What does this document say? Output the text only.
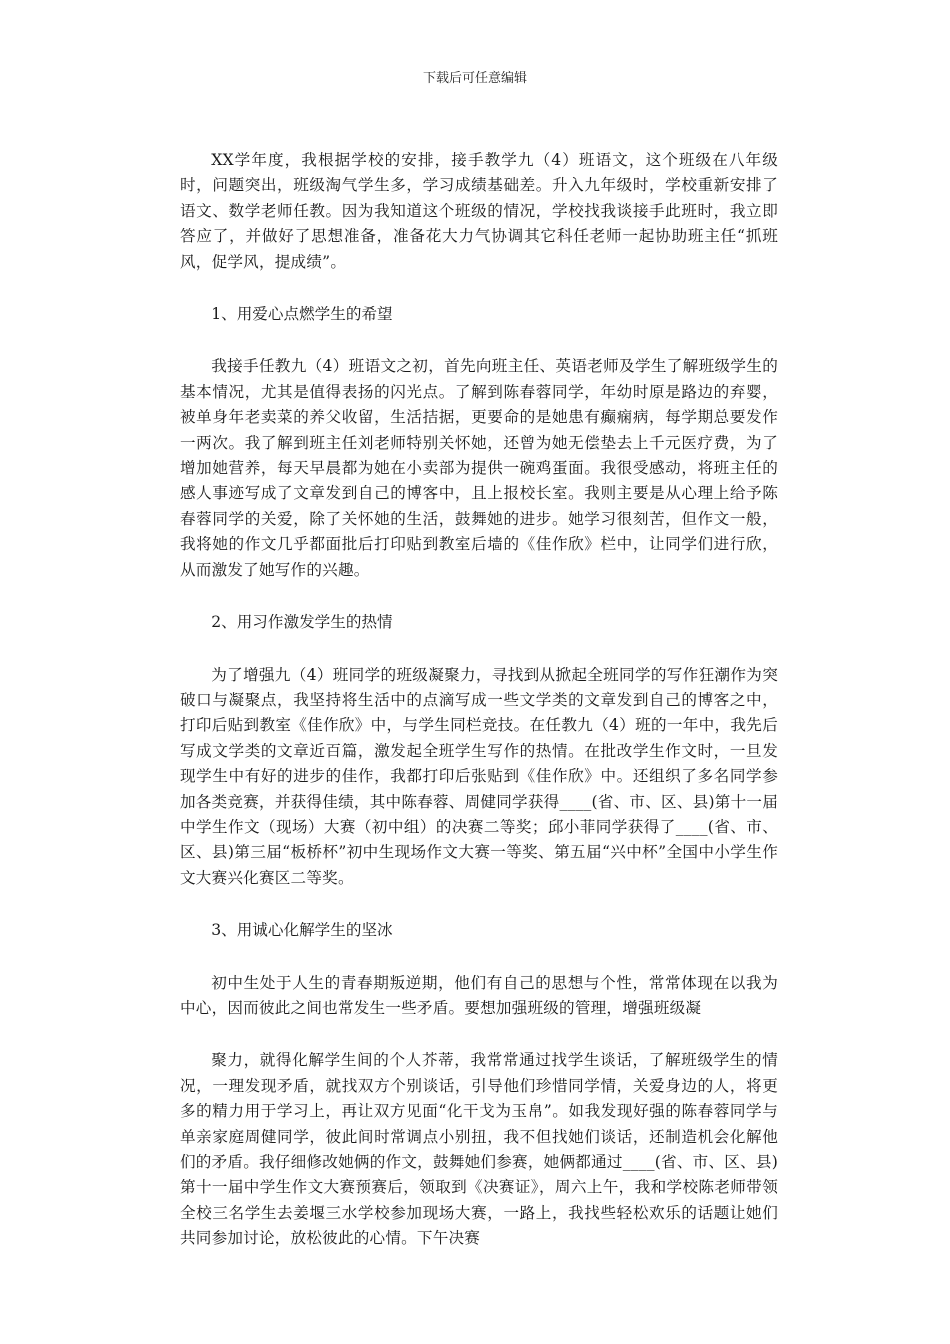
下载后可任意编辑

XX学年度，我根据学校的安排，接手教学九（4）班语文，这个班级在八年级时，问题突出，班级淘气学生多，学习成绩基础差。升入九年级时，学校重新安排了语文、数学老师任教。因为我知道这个班级的情况，学校找我谈接手此班时，我立即答应了，并做好了思想准备，准备花大力气协调其它科任老师一起协助班主任“抓班风，促学风，提成绩”。

1、用爱心点燃学生的希望

我接手任教九（4）班语文之初，首先向班主任、英语老师及学生了解班级学生的基本情况，尤其是值得表扬的闪光点。了解到陈春蓉同学，年幼时原是路边的弃婴，被单身年老卖菜的养父收留，生活拮据，更要命的是她患有癫痫病，每学期总要发作一两次。我了解到班主任刘老师特别关怀她，还曾为她无偿垫去上千元医疗费，为了增加她营养，每天早晨都为她在小卖部为提供一碗鸡蛋面。我很受感动，将班主任的感人事迹写成了文章发到自己的博客中，且上报校长室。我则主要是从心理上给予陈春蓉同学的关爱，除了关怀她的生活，鼓舞她的进步。她学习很刻苦，但作文一般，我将她的作文几乎都面批后打印贴到教室后墙的《佳作欣》栏中，让同学们进行欣，从而激发了她写作的兴趣。

2、用习作激发学生的热情

为了增强九（4）班同学的班级凝聚力，寻找到从掀起全班同学的写作狂潮作为突破口与凝聚点，我坚持将生活中的点滴写成一些文学类的文章发到自己的博客之中，打印后贴到教室《佳作欣》中，与学生同栏竞技。在任教九（4）班的一年中，我先后写成文学类的文章近百篇，激发起全班学生写作的热情。在批改学生作文时，一旦发现学生中有好的进步的佳作，我都打印后张贴到《佳作欣》中。还组织了多名同学参加各类竞赛，并获得佳绩，其中陈春蓉、周健同学获得____(省、市、区、县)第十一届中学生作文（现场）大赛（初中组）的决赛二等奖；邱小菲同学获得了____(省、市、区、县)第三届“板桥杯”初中生现场作文大赛一等奖、第五届“兴中杯”全国中小学生作文大赛兴化赛区二等奖。

3、用诚心化解学生的坚冰

初中生处于人生的青春期叛逆期，他们有自己的思想与个性，常常体现在以我为中心，因而彼此之间也常发生一些矛盾。要想加强班级的管理，增强班级凝

聚力，就得化解学生间的个人芥蒂，我常常通过找学生谈话，了解班级学生的情况，一理发现矛盾，就找双方个别谈话，引导他们珍惜同学情，关爱身边的人，将更多的精力用于学习上，再让双方见面“化干戈为玉帛”。如我发现好强的陈春蓉同学与单亲家庭周健同学，彼此间时常调点小别扭，我不但找她们谈话，还制造机会化解他们的矛盾。我仔细修改她俩的作文，鼓舞她们参赛，她俩都通过____(省、市、区、县)第十一届中学生作文大赛预赛后，领取到《决赛证》，周六上午，我和学校陈老师带领全校三名学生去姜堰三水学校参加现场大赛，一路上，我找些轻松欢乐的话题让她们共同参加讨论，放松彼此的心情。下午决赛
